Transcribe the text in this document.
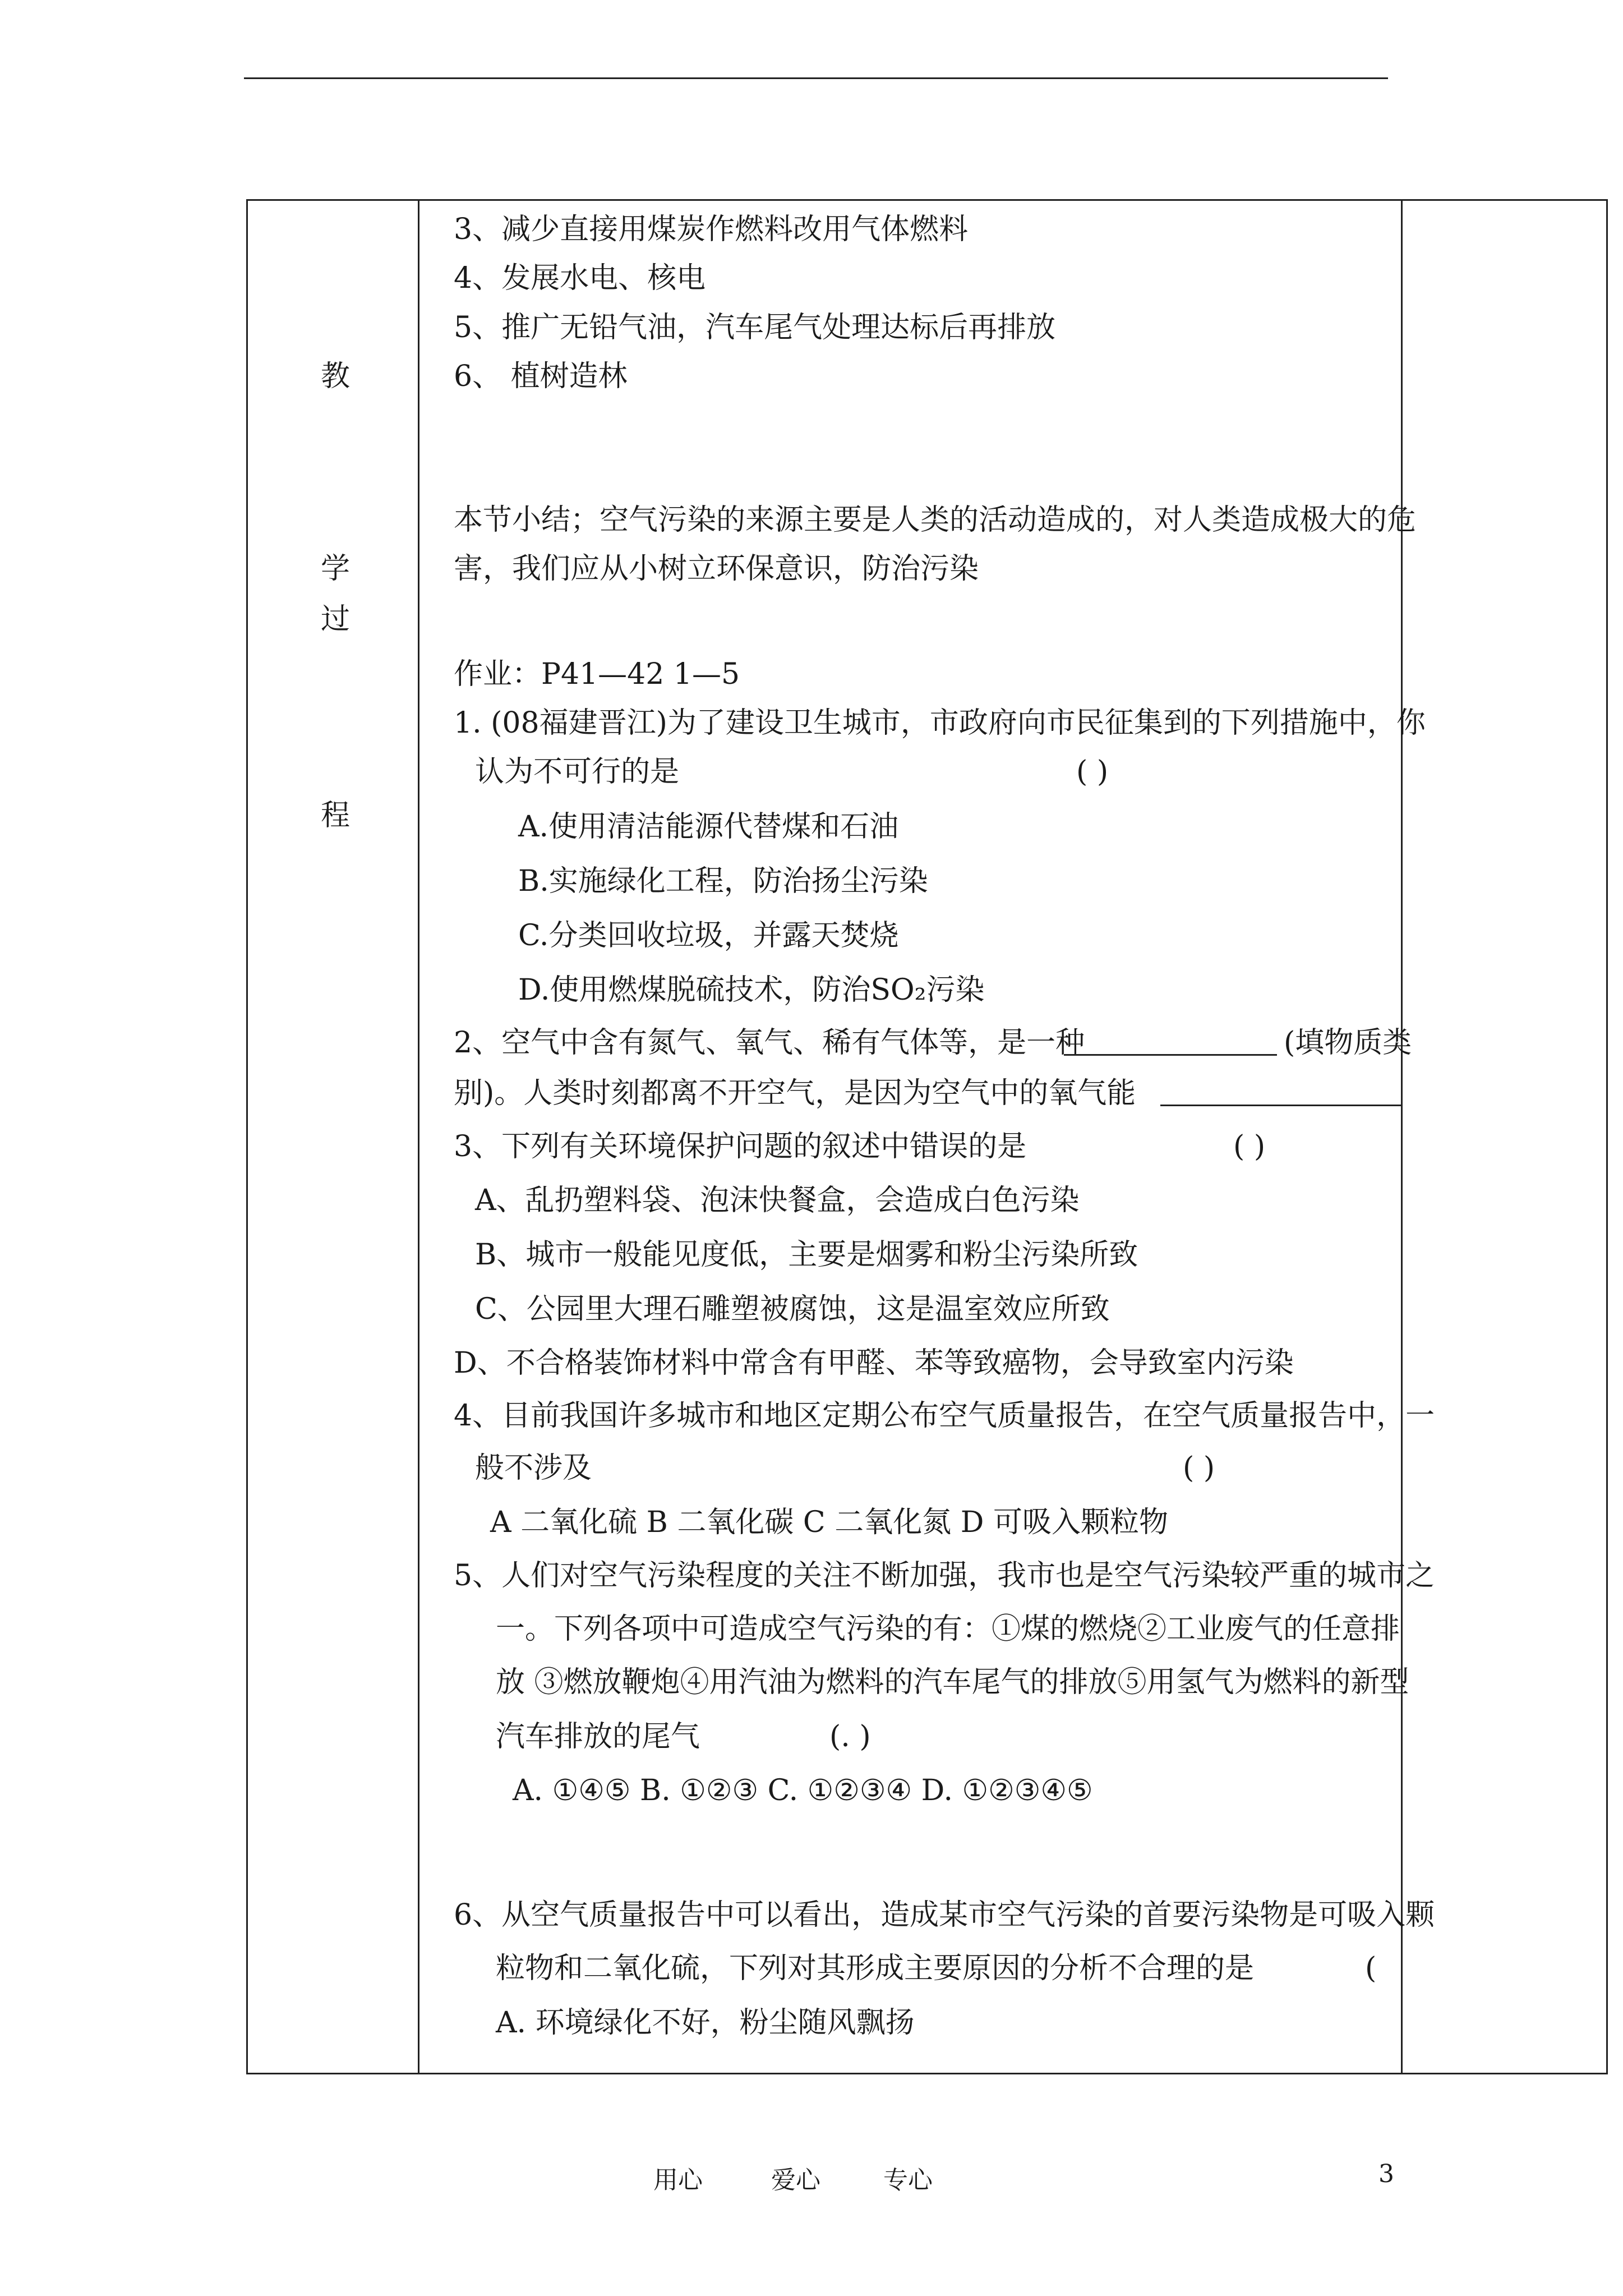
教
学
过
程
3、减少直接用煤炭作燃料改用气体燃料
4、发展水电、核电
5、推广无铅气油，汽车尾气处理达标后再排放
6、 植树造林
本节小结；空气污染的来源主要是人类的活动造成的，对人类造成极大的危
害，我们应从小树立环保意识，防治污染
作业：P41—42 1—5
1. (08福建晋江)为了建设卫生城市，市政府向市民征集到的下列措施中，你
认为不可行的是	( )
A.使用清洁能源代替煤和石油
B.实施绿化工程，防治扬尘污染
C.分类回收垃圾，并露天焚烧
D.使用燃煤脱硫技术，防治SO₂污染
2、空气中含有氮气、氧气、稀有气体等，是一种	(填物质类
别)。人类时刻都离不开空气，是因为空气中的氧气能
3、下列有关环境保护问题的叙述中错误的是	( )
A、乱扔塑料袋、泡沫快餐盒，会造成白色污染
B、城市一般能见度低，主要是烟雾和粉尘污染所致
C、公园里大理石雕塑被腐蚀，这是温室效应所致
D、不合格装饰材料中常含有甲醛、苯等致癌物，会导致室内污染
4、目前我国许多城市和地区定期公布空气质量报告，在空气质量报告中，一
般不涉及	( )
A 二氧化硫 B 二氧化碳 C 二氧化氮 D 可吸入颗粒物
5、人们对空气污染程度的关注不断加强，我市也是空气污染较严重的城市之
一。下列各项中可造成空气污染的有：①煤的燃烧②工业废气的任意排
放 ③燃放鞭炮④用汽油为燃料的汽车尾气的排放⑤用氢气为燃料的新型
汽车排放的尾气	(. )
A. ①④⑤ B. ①②③ C. ①②③④ D. ①②③④⑤
6、从空气质量报告中可以看出，造成某市空气污染的首要污染物是可吸入颗
粒物和二氧化硫，下列对其形成主要原因的分析不合理的是	(
A. 环境绿化不好，粉尘随风飘扬
用心	爱心	专心	3
